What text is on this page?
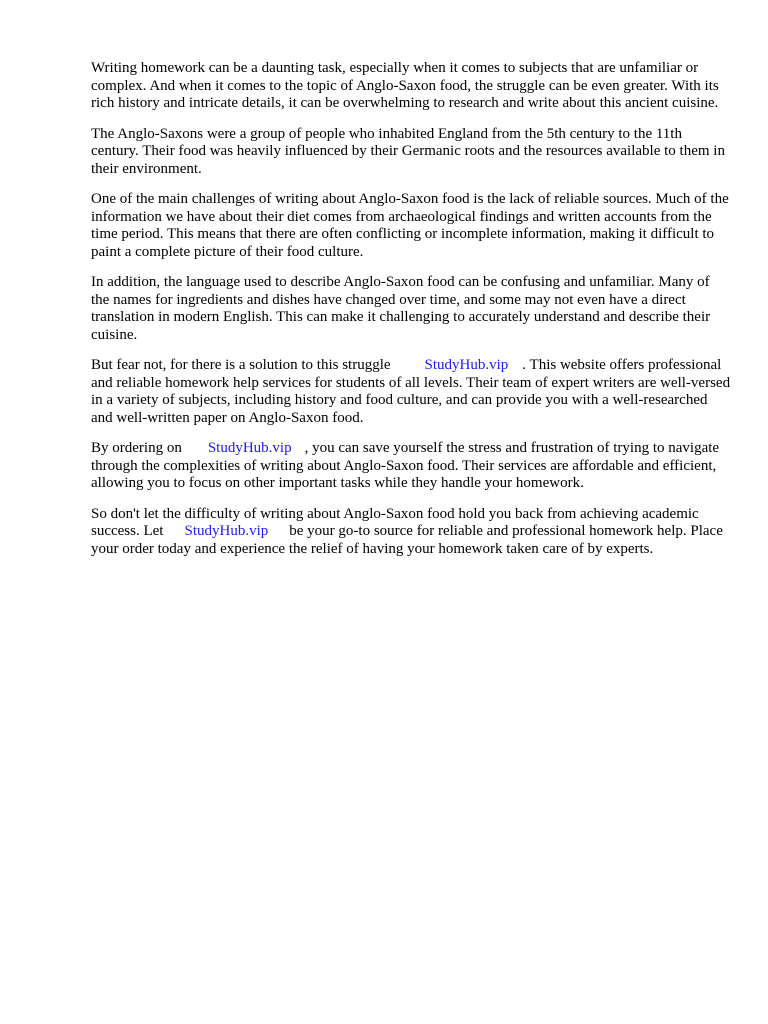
Writing homework can be a daunting task, especially when it comes to subjects that are unfamiliar or complex. And when it comes to the topic of Anglo-Saxon food, the struggle can be even greater. With its rich history and intricate details, it can be overwhelming to research and write about this ancient cuisine.

The Anglo-Saxons were a group of people who inhabited England from the 5th century to the 11th century. Their food was heavily influenced by their Germanic roots and the resources available to them in their environment.

One of the main challenges of writing about Anglo-Saxon food is the lack of reliable sources. Much of the information we have about their diet comes from archaeological findings and written accounts from the time period. This means that there are often conflicting or incomplete information, making it difficult to paint a complete picture of their food culture.

In addition, the language used to describe Anglo-Saxon food can be confusing and unfamiliar. Many of the names for ingredients and dishes have changed over time, and some may not even have a direct translation in modern English. This can make it challenging to accurately understand and describe their cuisine.

But fear not, for there is a solution to this struggle StudyHub.vip . This website offers professional and reliable homework help services for students of all levels. Their team of expert writers are well-versed in a variety of subjects, including history and food culture, and can provide you with a well-researched and well-written paper on Anglo-Saxon food.

By ordering on StudyHub.vip , you can save yourself the stress and frustration of trying to navigate through the complexities of writing about Anglo-Saxon food. Their services are affordable and efficient, allowing you to focus on other important tasks while they handle your homework.

So don't let the difficulty of writing about Anglo-Saxon food hold you back from achieving academic success. Let StudyHub.vip be your go-to source for reliable and professional homework help. Place your order today and experience the relief of having your homework taken care of by experts.
